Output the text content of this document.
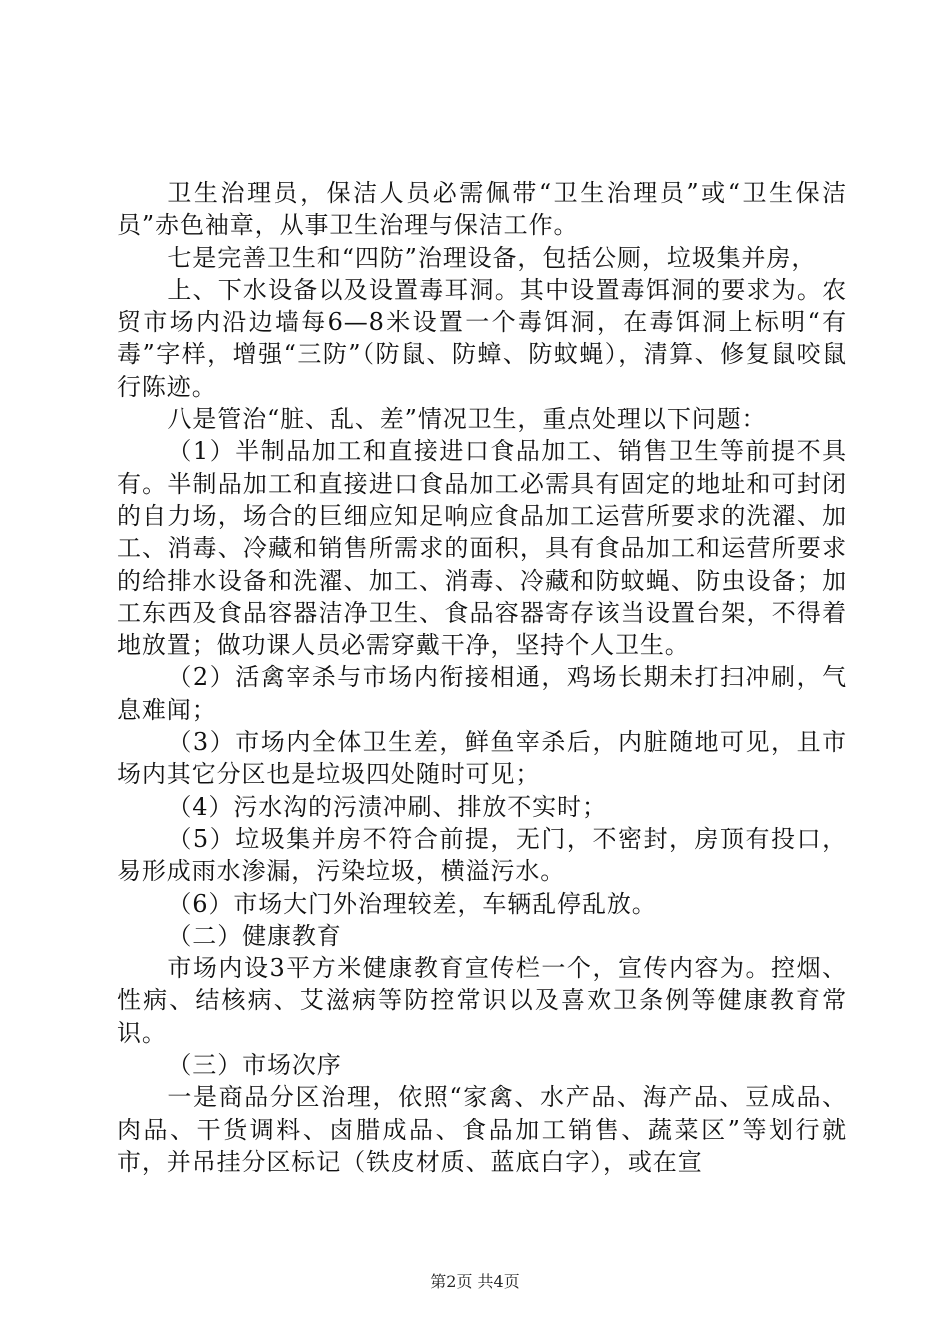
卫生治理员，保洁人员必需佩带“卫生治理员”或“卫生保洁员”赤色袖章，从事卫生治理与保洁工作。

七是完善卫生和“四防”治理设备，包括公厕，垃圾集并房，

上、下水设备以及设置毒耳洞。其中设置毒饵洞的要求为。农贸市场内沿边墙每6—8米设置一个毒饵洞，在毒饵洞上标明“有毒”字样，增强“三防”（防鼠、防蟑、防蚊蝇），清算、修复鼠咬鼠行陈迹。

八是管治“脏、乱、差”情况卫生，重点处理以下问题：

（1）半制品加工和直接进口食品加工、销售卫生等前提不具有。半制品加工和直接进口食品加工必需具有固定的地址和可封闭的自力场，场合的巨细应知足响应食品加工运营所要求的洗濯、加工、消毒、冷藏和销售所需求的面积，具有食品加工和运营所要求的给排水设备和洗濯、加工、消毒、冷藏和防蚊蝇、防虫设备；加工东西及食品容器洁净卫生、食品容器寄存该当设置台架，不得着地放置；做功课人员必需穿戴干净，坚持个人卫生。

（2）活禽宰杀与市场内衔接相通，鸡场长期未打扫冲刷，气息难闻；

（3）市场内全体卫生差，鲜鱼宰杀后，内脏随地可见，且市场内其它分区也是垃圾四处随时可见；

（4）污水沟的污渍冲刷、排放不实时；

（5）垃圾集并房不符合前提，无门，不密封，房顶有投口，易形成雨水渗漏，污染垃圾，横溢污水。

（6）市场大门外治理较差，车辆乱停乱放。

（二）健康教育

市场内设3平方米健康教育宣传栏一个，宣传内容为。控烟、性病、结核病、艾滋病等防控常识以及喜欢卫条例等健康教育常识。

（三）市场次序

一是商品分区治理，依照“家禽、水产品、海产品、豆成品、肉品、干货调料、卤腊成品、食品加工销售、蔬菜区”等划行就市，并吊挂分区标记（铁皮材质、蓝底白字），或在宣

第2页 共4页
